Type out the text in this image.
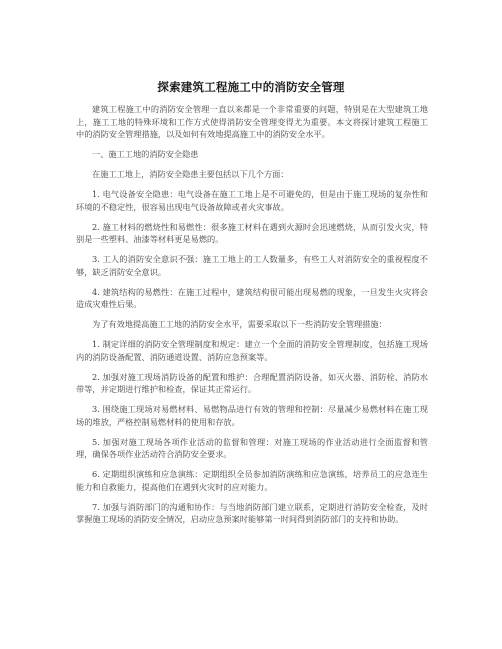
探索建筑工程施工中的消防安全管理

建筑工程施工中的消防安全管理一直以来都是一个非常重要的问题，特别是在大型建筑工地上，施工工地的特殊环境和工作方式使得消防安全管理变得尤为重要。本文将探讨建筑工程施工中的消防安全管理措施，以及如何有效地提高施工中的消防安全水平。

一、施工工地的消防安全隐患

在施工工地上，消防安全隐患主要包括以下几个方面：

1. 电气设备安全隐患：电气设备在施工工地上是不可避免的，但是由于施工现场的复杂性和环境的不稳定性，很容易出现电气设备故障或者火灾事故。

2. 施工材料的燃烧性和易燃性：很多施工材料在遇到火源时会迅速燃烧，从而引发火灾，特别是一些塑料、油漆等材料更是易燃的。

3. 工人的消防安全意识不强：施工工地上的工人数量多，有些工人对消防安全的重视程度不够，缺乏消防安全意识。

4. 建筑结构的易燃性：在施工过程中，建筑结构很可能出现易燃的现象，一旦发生火灾将会造成灾难性后果。

为了有效地提高施工工地的消防安全水平，需要采取以下一些消防安全管理措施：

1. 制定详细的消防安全管理制度和规定：建立一个全面的消防安全管理制度，包括施工现场内的消防设备配置、消防通道设置、消防应急预案等。

2. 加强对施工现场消防设备的配置和维护：合理配置消防设备，如灭火器、消防栓、消防水带等，并定期进行维护和检查，保证其正常运行。

3. 围绕施工现场对易燃材料、易燃物品进行有效的管理和控制：尽量减少易燃材料在施工现场的堆放，严格控制易燃材料的使用和存放。

5. 加强对施工现场各项作业活动的监督和管理：对施工现场的作业活动进行全面监督和管理，确保各项作业活动符合消防安全要求。

6. 定期组织演练和应急演练：定期组织全员参加消防演练和应急演练，培养员工的应急连生能力和自救能力，提高他们在遇到火灾时的应对能力。

7. 加强与消防部门的沟通和协作：与当地消防部门建立联系，定期进行消防安全检查，及时掌握施工现场的消防安全情况，启动应急预案时能够第一时间得到消防部门的支持和协助。
